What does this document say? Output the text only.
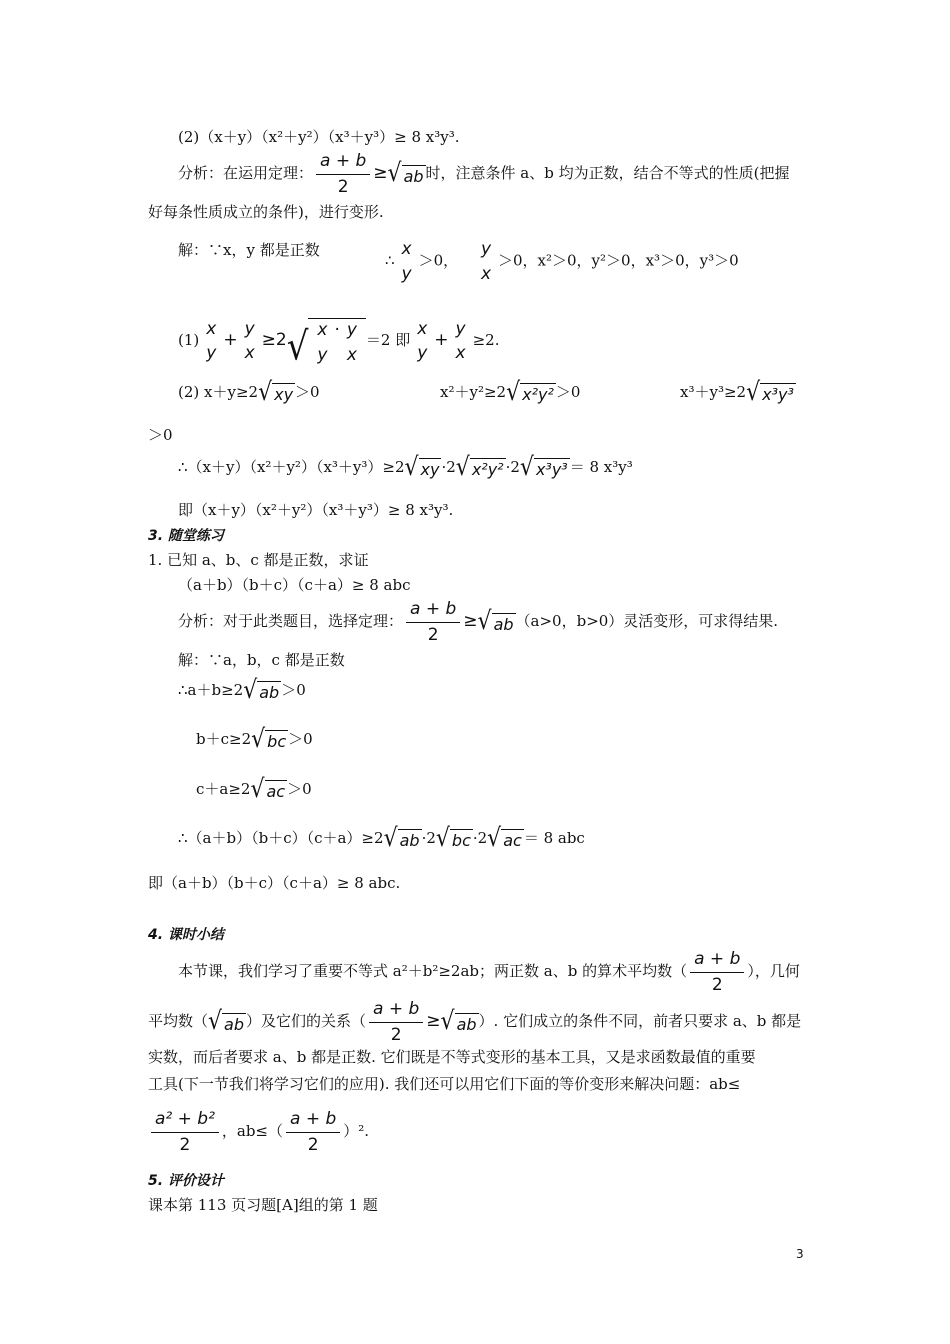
(2)（x＋y）（x²＋y²）（x³＋y³）≥ 8 x³y³.
分析：在运用定理： $\frac{a + b}{2}$ ≥ √ ab 时，注意条件 a、b 均为正数，结合不等式的性质(把握
好每条性质成立的条件)，进行变形.
解：∵x，y 都是正数
∴
x
y
＞0，
y
x
＞0，x²＞0，y²＞0，x³＞0，y³＞0
(1)
x
y
+
y
x
≥2 √ x
y
· y
x
＝2 即
x
y
+
y
x
≥2.
(2) x＋y≥2 √ xy ＞0	x²＋y²≥2 √ x²y² ＞0	x³＋y³≥2 √ x³y³
＞0
∴（x＋y）（x²＋y²）（x³＋y³）≥2 √ xy ·2 √ x²y² ·2 √ x³y³ ＝ 8 x³y³
即（x＋y）（x²＋y²）（x³＋y³）≥ 8 x³y³.
3. 随堂练习
1. 已知 a、b、c 都是正数，求证
（a＋b）（b＋c）（c＋a）≥ 8 abc
分析：对于此类题目，选择定理： $\frac{a + b}{2}$ ≥ √ ab （a>0，b>0）灵活变形，可求得结果.
解：∵a，b，c 都是正数
∴a＋b≥2 √ ab ＞0
b＋c≥2 √ bc ＞0
c＋a≥2 √ ac ＞0
∴（a＋b）（b＋c）（c＋a）≥2 √ ab ·2 √ bc ·2 √ ac ＝ 8 abc
即（a＋b）（b＋c）（c＋a）≥ 8 abc.
4. 课时小结
本节课，我们学习了重要不等式 a²＋b²≥2ab；两正数 a、b 的算术平均数（ $\frac{a + b}{2}$ ），几何
平均数（ √ ab ）及它们的关系（ $\frac{a + b}{2}$ ≥ √ ab ）. 它们成立的条件不同，前者只要求 a、b 都是
实数，而后者要求 a、b 都是正数. 它们既是不等式变形的基本工具，又是求函数最值的重要
工具(下一节我们将学习它们的应用). 我们还可以用它们下面的等价变形来解决问题：ab≤
$\frac{\text{a² + b²}}{2}$ ，$ab\le( \frac{a + b}{2} )^2$.
5. 评价设计
课本第 113 页习题[A]组的第 1 题
3
